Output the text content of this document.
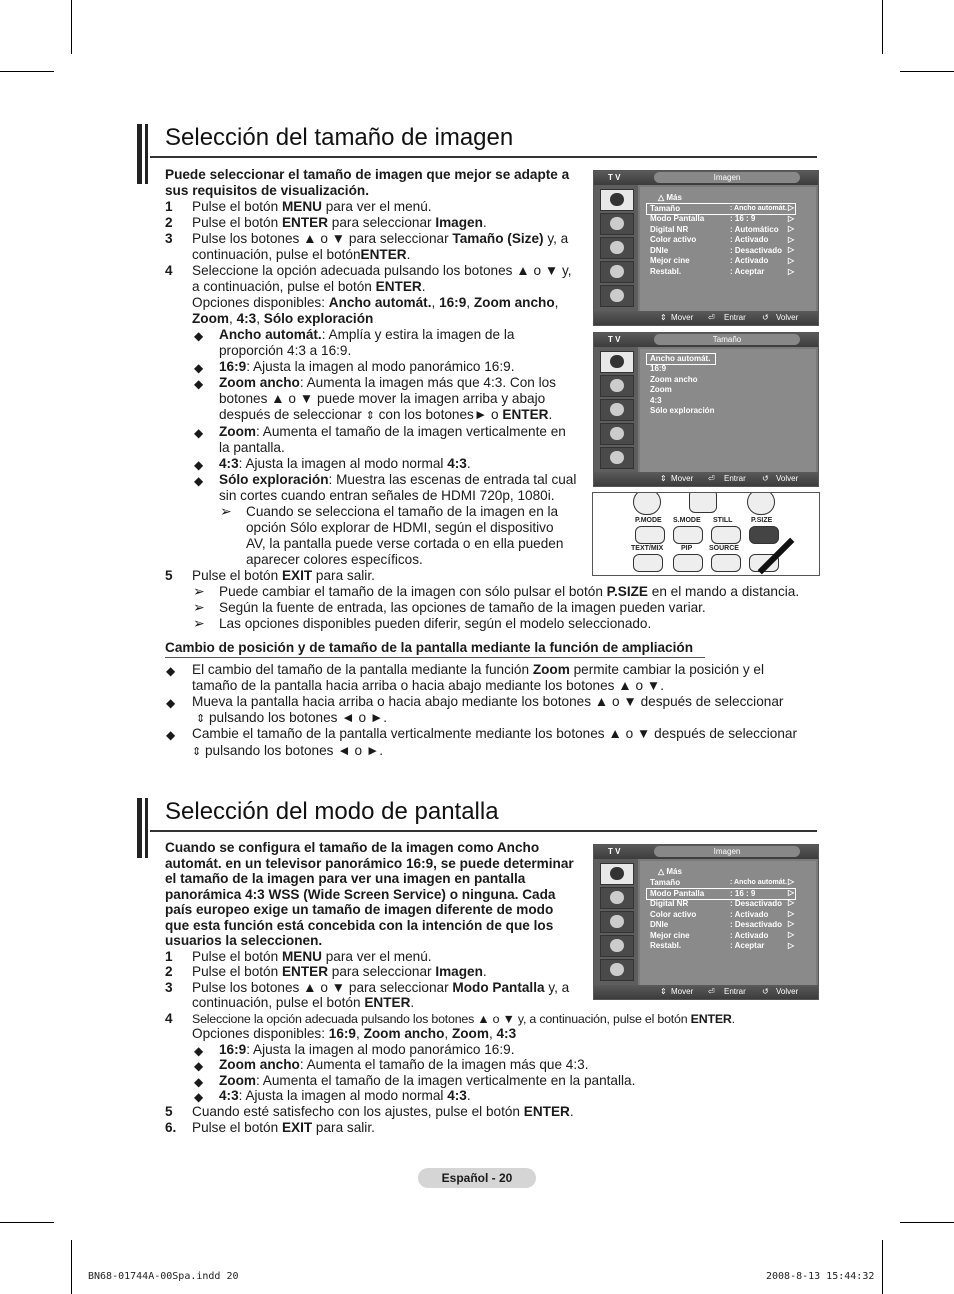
Selección del tamaño de imagen
Puede seleccionar el tamaño de imagen que mejor se adapte a
sus requisitos de visualización.
1 Pulse el botón MENU para ver el menú.
2 Pulse el botón ENTER para seleccionar Imagen.
3 Pulse los botones ▲ o ▼ para seleccionar Tamaño (Size) y, a
continuación, pulse el botónENTER.
4 Seleccione la opción adecuada pulsando los botones ▲ o ▼ y,
a continuación, pulse el botón ENTER.
Opciones disponibles: Ancho automát., 16:9, Zoom ancho,
Zoom, 4:3, Sólo exploración
◆ Ancho automát.: Amplía y estira la imagen de la
proporción 4:3 a 16:9.
◆ 16:9: Ajusta la imagen al modo panorámico 16:9.
◆ Zoom ancho: Aumenta la imagen más que 4:3. Con los
botones ▲ o ▼ puede mover la imagen arriba y abajo
después de seleccionar ⇕ con los botones► o ENTER.
◆ Zoom: Aumenta el tamaño de la imagen verticalmente en
la pantalla.
◆ 4:3: Ajusta la imagen al modo normal 4:3.
◆ Sólo exploración: Muestra las escenas de entrada tal cual
sin cortes cuando entran señales de HDMI 720p, 1080i.
➢ Cuando se selecciona el tamaño de la imagen en la
opción Sólo explorar de HDMI, según el dispositivo
AV, la pantalla puede verse cortada o en ella pueden
aparecer colores específicos.
5 Pulse el botón EXIT para salir.
➢ Puede cambiar el tamaño de la imagen con sólo pulsar el botón P.SIZE en el mando a distancia.
➢ Según la fuente de entrada, las opciones de tamaño de la imagen pueden variar.
➢ Las opciones disponibles pueden diferir, según el modelo seleccionado.
Cambio de posición y de tamaño de la pantalla mediante la función de ampliación
◆ El cambio del tamaño de la pantalla mediante la función Zoom permite cambiar la posición y el
tamaño de la pantalla hacia arriba o hacia abajo mediante los botones ▲ o ▼.
◆ Mueva la pantalla hacia arriba o hacia abajo mediante los botones ▲ o ▼ después de seleccionar
⇕ pulsando los botones ◄ o ►.
◆ Cambie el tamaño de la pantalla verticalmente mediante los botones ▲ o ▼ después de seleccionar
⇕ pulsando los botones ◄ o ►.
Selección del modo de pantalla
Cuando se configura el tamaño de la imagen como Ancho
automát. en un televisor panorámico 16:9, se puede determinar
el tamaño de la imagen para ver una imagen en pantalla
panorámica 4:3 WSS (Wide Screen Service) o ninguna. Cada
país europeo exige un tamaño de imagen diferente de modo
que esta función está concebida con la intención de que los
usuarios la seleccionen.
1 Pulse el botón MENU para ver el menú.
2 Pulse el botón ENTER para seleccionar Imagen.
3 Pulse los botones ▲ o ▼ para seleccionar Modo Pantalla y, a
continuación, pulse el botón ENTER.
4 Seleccione la opción adecuada pulsando los botones ▲ o ▼ y, a continuación, pulse el botón ENTER.
Opciones disponibles: 16:9, Zoom ancho, Zoom, 4:3
◆ 16:9: Ajusta la imagen al modo panorámico 16:9.
◆ Zoom ancho: Aumenta el tamaño de la imagen más que 4:3.
◆ Zoom: Aumenta el tamaño de la imagen verticalmente en la pantalla.
◆ 4:3: Ajusta la imagen al modo normal 4:3.
5 Cuando esté satisfecho con los ajustes, pulse el botón ENTER.
6. Pulse el botón EXIT para salir.
T V	Imagen
△ Más
Tamaño	: Ancho automát.
Modo Pantalla	: 16 : 9
Digital NR	: Automático
Color activo	: Activado
DNIe	: Desactivado
Mejor cine	: Activado
Restabl.	: Aceptar
▷
▷
▷
▷
▷
▷
▷
⇕ Mover ⏎ Entrar ↺ Volver
T V	Tamaño
Ancho automát.
16:9
Zoom ancho
Zoom
4:3
Sólo exploración
⇕ Mover ⏎ Entrar ↺ Volver
P.MODE S.MODE STILL	P.SIZE
TEXT/MIX	PIP SOURCE
T V	Imagen
△ Más
Tamaño	: Ancho automát.
Modo Pantalla	: 16 : 9
Digital NR	: Desactivado
Color activo	: Activado
DNIe	: Desactivado
Mejor cine	: Activado
Restabl.	: Aceptar
▷
▷
▷
▷
▷
▷
▷
⇕ Mover ⏎ Entrar ↺ Volver
Español - 20
BN68-01744A-00Spa.indd 20	2008-8-13 15:44:32
